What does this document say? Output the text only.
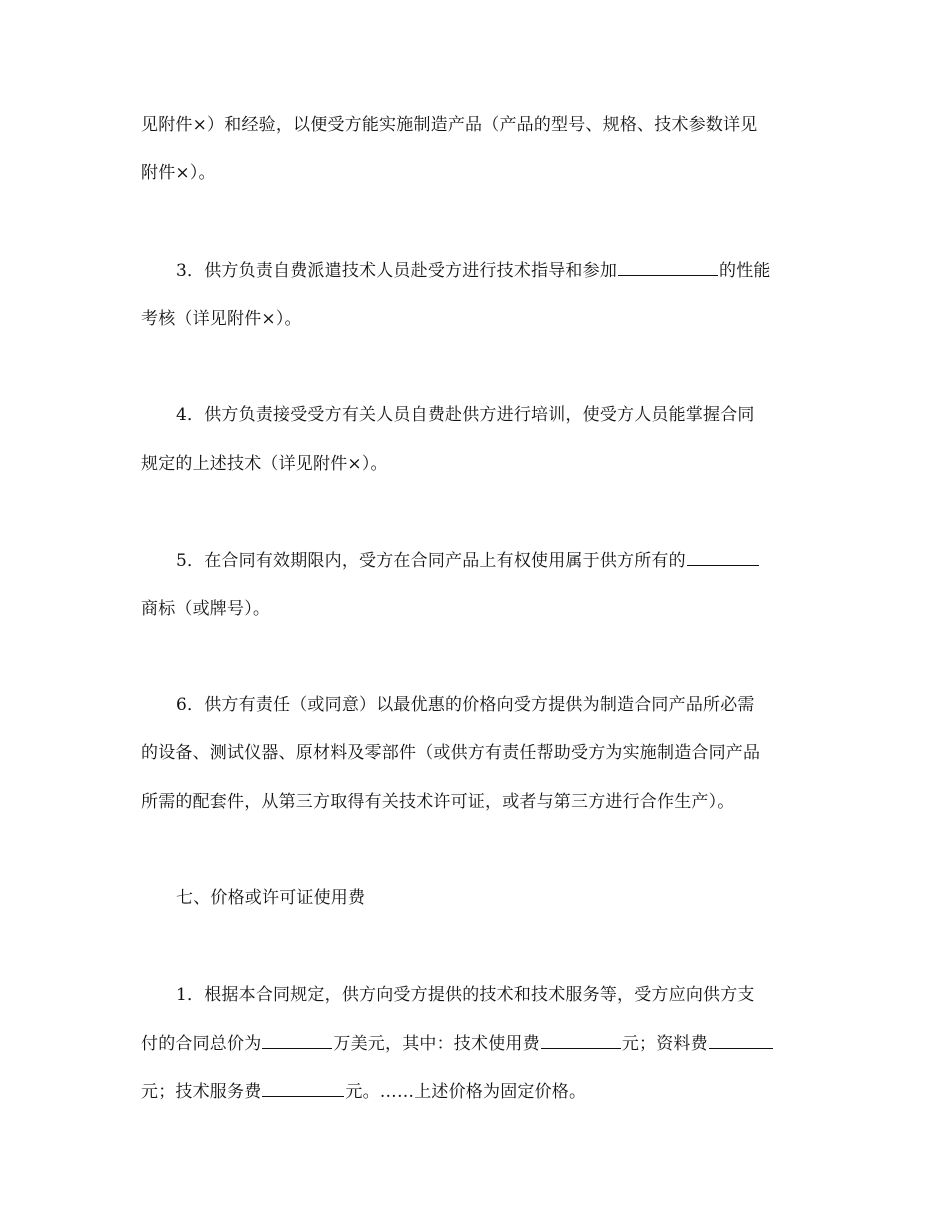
见附件×）和经验，以便受方能实施制造产品（产品的型号、规格、技术参数详见
附件×）。
3．供方负责自费派遣技术人员赴受方进行技术指导和参加	的性能
考核（详见附件×）。
4．供方负责接受受方有关人员自费赴供方进行培训，使受方人员能掌握合同
规定的上述技术（详见附件×）。
5．在合同有效期限内，受方在合同产品上有权使用属于供方所有的
商标（或牌号）。
6．供方有责任（或同意）以最优惠的价格向受方提供为制造合同产品所必需
的设备、测试仪器、原材料及零部件（或供方有责任帮助受方为实施制造合同产品
所需的配套件，从第三方取得有关技术许可证，或者与第三方进行合作生产）。
七、价格或许可证使用费
1．根据本合同规定，供方向受方提供的技术和技术服务等，受方应向供方支
付的合同总价为	万美元，其中：技术使用费	元；资料费
元；技术服务费	元。……上述价格为固定价格。
